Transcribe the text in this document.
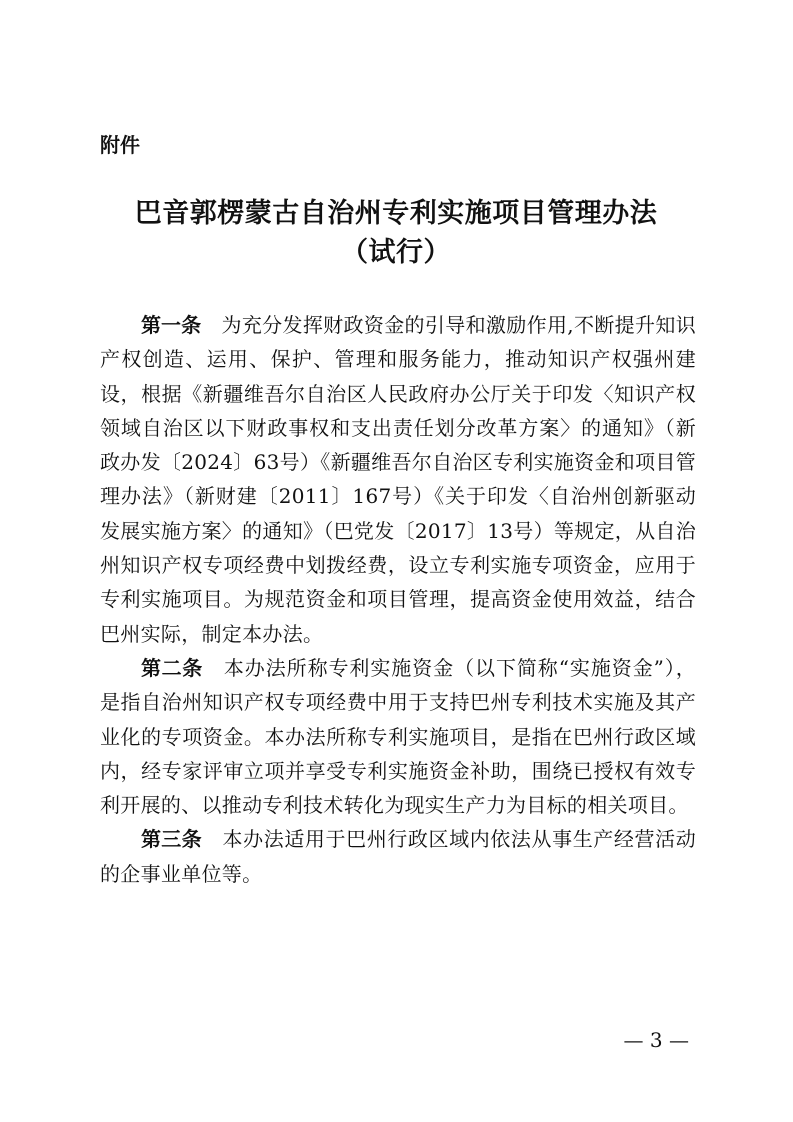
附件
巴音郭楞蒙古自治州专利实施项目管理办法
（试行）

第一条  为充分发挥财政资金的引导和激励作用,不断提升知识产权创造、运用、保护、管理和服务能力，推动知识产权强州建设，根据《新疆维吾尔自治区人民政府办公厅关于印发〈知识产权领域自治区以下财政事权和支出责任划分改革方案〉的通知》（新政办发〔2024〕63号）《新疆维吾尔自治区专利实施资金和项目管理办法》（新财建〔2011〕167号）《关于印发〈自治州创新驱动发展实施方案〉的通知》（巴党发〔2017〕13号）等规定，从自治州知识产权专项经费中划拨经费，设立专利实施专项资金，应用于专利实施项目。为规范资金和项目管理，提高资金使用效益，结合巴州实际，制定本办法。

第二条  本办法所称专利实施资金（以下简称“实施资金”），是指自治州知识产权专项经费中用于支持巴州专利技术实施及其产业化的专项资金。本办法所称专利实施项目，是指在巴州行政区域内，经专家评审立项并享受专利实施资金补助，围绕已授权有效专利开展的、以推动专利技术转化为现实生产力为目标的相关项目。

第三条  本办法适用于巴州行政区域内依法从事生产经营活动的企事业单位等。

— 3 —
